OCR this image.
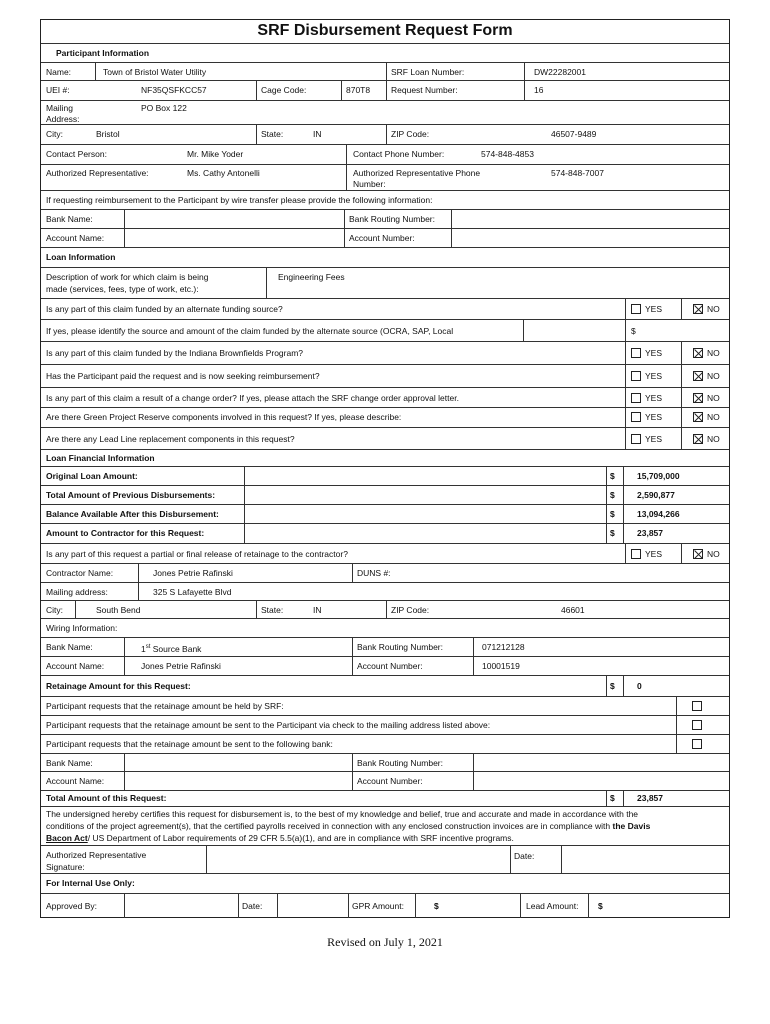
SRF Disbursement Request Form
Participant Information
Name:	Town of Bristol Water Utility	SRF Loan Number:	DW22282001
UEI #:	NF35QSFKCC57	Cage Code:	870T8 Request Number:	16
Mailing
Address:
PO Box 122
City:	Bristol	State:	IN	ZIP Code:	46507-9489
Contact Person:	Mr. Mike Yoder	Contact Phone Number:	574-848-4853
Authorized Representative:	Ms. Cathy Antonelli	Authorized Representative Phone
Number:
574-848-7007
If requesting reimbursement to the Participant by wire transfer please provide the following information:
Bank Name:	Bank Routing Number:
Account Name:	Account Number:
Loan Information
Description of work for which claim is being
made (services, fees, type of work, etc.):
Engineering Fees
Is any part of this claim funded by an alternate funding source?	YES	NO
If yes, please identify the source and amount of the claim funded by the alternate source (OCRA, SAP, Local	$
Is any part of this claim funded by the Indiana Brownfields Program?	YES	NO
Has the Participant paid the request and is now seeking reimbursement?	YES	NO
Is any part of this claim a result of a change order? If yes, please attach the SRF change order approval letter.	YES	NO
Are there Green Project Reserve components involved in this request? If yes, please describe:	YES	NO
Are there any Lead Line replacement components in this request?	YES	NO
Loan Financial Information
Original Loan Amount:	$	15,709,000
Total Amount of Previous Disbursements:	$	2,590,877
Balance Available After this Disbursement:	$	13,094,266
Amount to Contractor for this Request:	$	23,857
Is any part of this request a partial or final release of retainage to the contractor?	YES	NO
Contractor Name:	Jones Petrie Rafinski	DUNS #:
Mailing address:	325 S Lafayette Blvd
City:	South Bend	State:	IN	ZIP Code:	46601
Wiring Information:
Bank Name:	1st Source Bank	Bank Routing Number:	071212128
Account Name:	Jones Petrie Rafinski	Account Number:	10001519
Retainage Amount for this Request:	$	0
Participant requests that the retainage amount be held by SRF:
Participant requests that the retainage amount be sent to the Participant via check to the mailing address listed above:
Participant requests that the retainage amount be sent to the following bank:
Bank Name:	Bank Routing Number:
Account Name:	Account Number:
Total Amount of this Request:	$	23,857
The undersigned hereby certifies this request for disbursement is, to the best of my knowledge and belief, true and accurate and made in accordance with the
conditions of the project agreement(s), that the certified payrolls received in connection with any enclosed construction invoices are in compliance with the Davis
Bacon Act/ US Department of Labor requirements of 29 CFR 5.5(a)(1), and are in compliance with SRF incentive programs.
Authorized Representative
Signature:
Date:
For Internal Use Only:
Approved By:	Date:	GPR Amount:	$	Lead Amount: $
Revised on July 1, 2021
